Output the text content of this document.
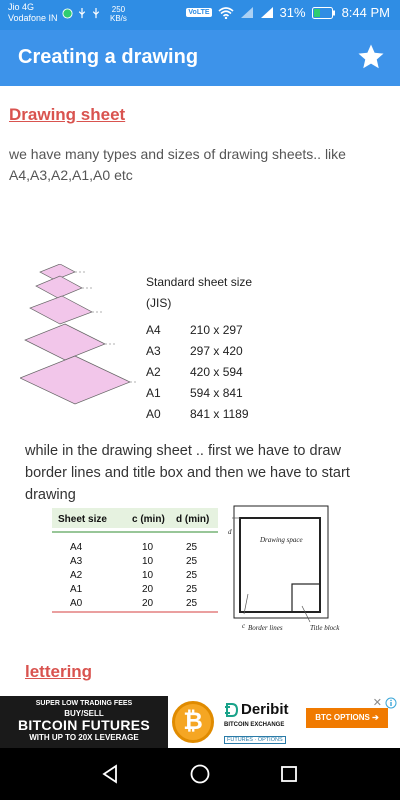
Jio 4G
Vodafone IN
250
KB/s
VoLTE	31%	8:44 PM
Creating a drawing
Drawing sheet
we have many types and sizes of drawing sheets.. like A4,A3,A2,A1,A0 etc
Standard sheet size
(JIS)
A4 210 x 297
A3 297 x 420
A2 420 x 594
A1 594 x 841
A0 841 x 1189
while in the drawing sheet .. first we have to draw border lines and title box and then we have to start drawing
Sheet size	c (min) d (min)
A4	10	25
A3	10	25
A2	10	25
A1	20	25
A0	20	25
d
Drawing space
c Border lines	Title block
lettering
SUPER LOW TRADING FEES
BUY/SELL
BITCOIN FUTURES
WITH UP TO 20X LEVERAGE
₿	Deribit
BITCOIN EXCHANGE
FUTURES · OPTIONS
BTC OPTIONS ➔
✕
